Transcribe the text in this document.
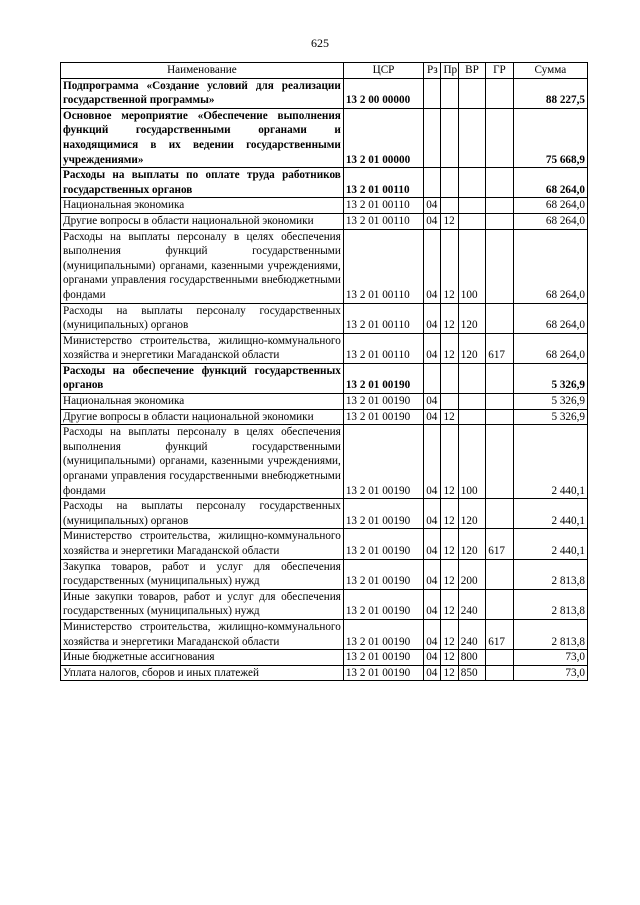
625
Наименование	ЦСР	Рз	Пр	ВР	ГР	Сумма
Подпрограмма «Создание условий для реализации государственной программы»	13 2 00 00000					88 227,5
Основное мероприятие «Обеспечение выполнения функций государственными органами и находящимися в их ведении государственными учреждениями»	13 2 01 00000					75 668,9
Расходы на выплаты по оплате труда работников государственных органов	13 2 01 00110					68 264,0
Национальная экономика	13 2 01 00110	04				68 264,0
Другие вопросы в области национальной экономики	13 2 01 00110	04	12			68 264,0
Расходы на выплаты персоналу в целях обеспечения выполнения функций государственными (муниципальными) органами, казенными учреждениями, органами управления государственными внебюджетными фондами	13 2 01 00110	04	12	100		68 264,0
Расходы на выплаты персоналу государственных (муниципальных) органов	13 2 01 00110	04	12	120		68 264,0
Министерство строительства, жилищно-коммунального хозяйства и энергетики Магаданской области	13 2 01 00110	04	12	120	617	68 264,0
Расходы на обеспечение функций государственных органов	13 2 01 00190					5 326,9
Национальная экономика	13 2 01 00190	04				5 326,9
Другие вопросы в области национальной экономики	13 2 01 00190	04	12			5 326,9
Расходы на выплаты персоналу в целях обеспечения выполнения функций государственными (муниципальными) органами, казенными учреждениями, органами управления государственными внебюджетными фондами	13 2 01 00190	04	12	100		2 440,1
Расходы на выплаты персоналу государственных (муниципальных) органов	13 2 01 00190	04	12	120		2 440,1
Министерство строительства, жилищно-коммунального хозяйства и энергетики Магаданской области	13 2 01 00190	04	12	120	617	2 440,1
Закупка товаров, работ и услуг для обеспечения государственных (муниципальных) нужд	13 2 01 00190	04	12	200		2 813,8
Иные закупки товаров, работ и услуг для обеспечения государственных (муниципальных) нужд	13 2 01 00190	04	12	240		2 813,8
Министерство строительства, жилищно-коммунального хозяйства и энергетики Магаданской области	13 2 01 00190	04	12	240	617	2 813,8
Иные бюджетные ассигнования	13 2 01 00190	04	12	800		73,0
Уплата налогов, сборов и иных платежей	13 2 01 00190	04	12	850		73,0
